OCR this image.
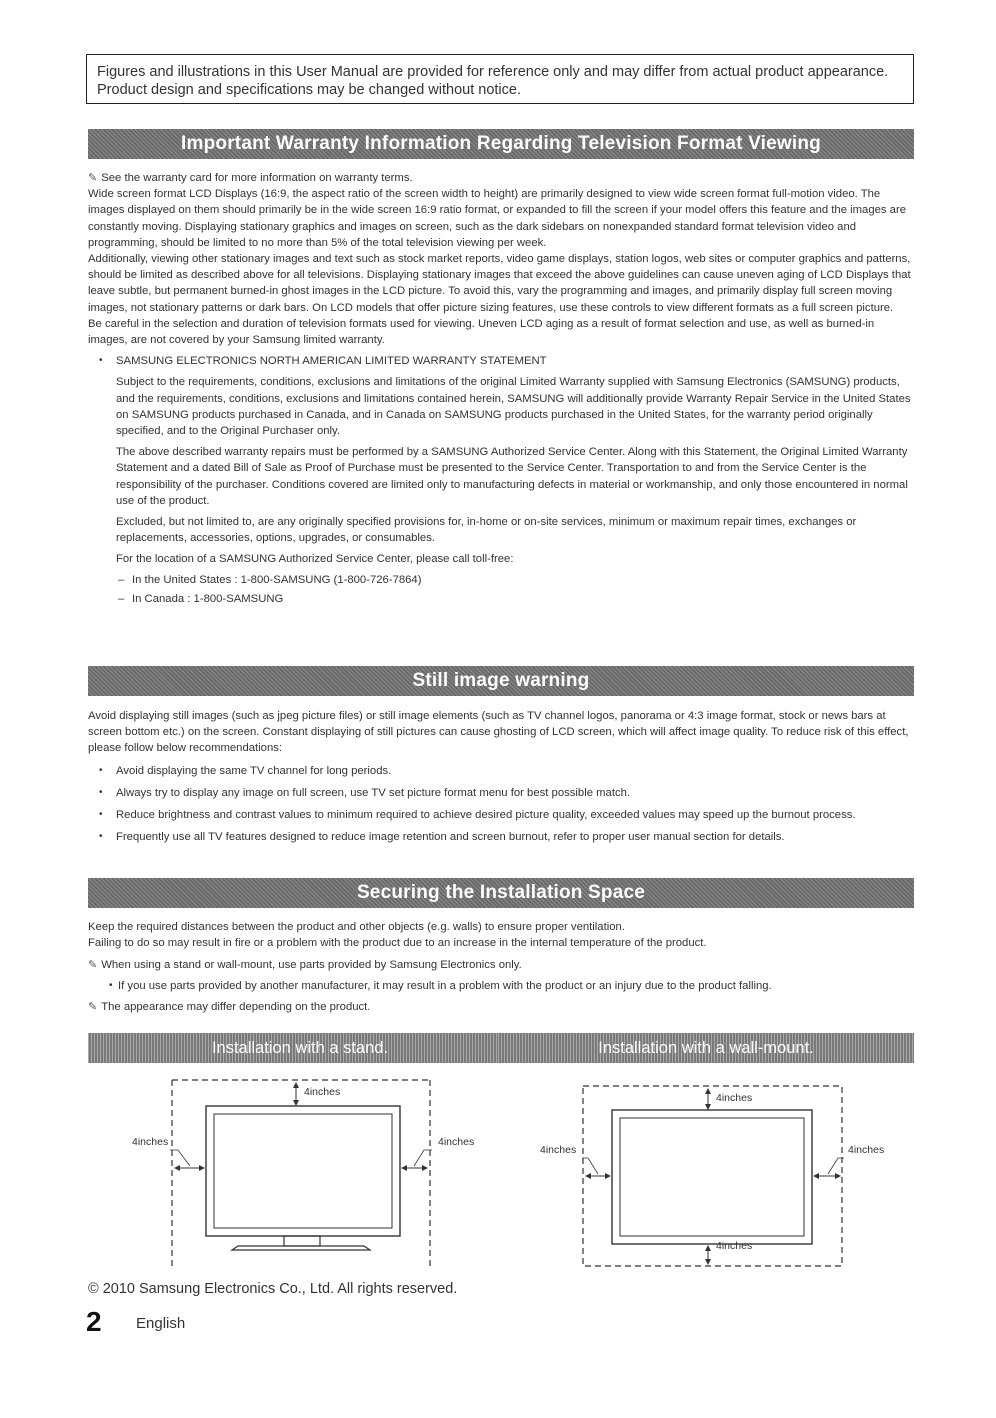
Figures and illustrations in this User Manual are provided for reference only and may differ from actual product appearance.
Product design and specifications may be changed without notice.
Important Warranty Information Regarding Television Format Viewing

✎ See the warranty card for more information on warranty terms.

Wide screen format LCD Displays (16:9, the aspect ratio of the screen width to height) are primarily designed to view wide screen format full-motion video. The images displayed on them should primarily be in the wide screen 16:9 ratio format, or expanded to fill the screen if your model offers this feature and the images are constantly moving. Displaying stationary graphics and images on screen, such as the dark sidebars on nonexpanded standard format television video and programming, should be limited to no more than 5% of the total television viewing per week.

Additionally, viewing other stationary images and text such as stock market reports, video game displays, station logos, web sites or computer graphics and patterns, should be limited as described above for all televisions. Displaying stationary images that exceed the above guidelines can cause uneven aging of LCD Displays that leave subtle, but permanent burned-in ghost images in the LCD picture. To avoid this, vary the programming and images, and primarily display full screen moving images, not stationary patterns or dark bars. On LCD models that offer picture sizing features, use these controls to view different formats as a full screen picture.

Be careful in the selection and duration of television formats used for viewing. Uneven LCD aging as a result of format selection and use, as well as burned-in images, are not covered by your Samsung limited warranty.

SAMSUNG ELECTRONICS NORTH AMERICAN LIMITED WARRANTY STATEMENT

Subject to the requirements, conditions, exclusions and limitations of the original Limited Warranty supplied with Samsung Electronics (SAMSUNG) products, and the requirements, conditions, exclusions and limitations contained herein, SAMSUNG will additionally provide Warranty Repair Service in the United States on SAMSUNG products purchased in Canada, and in Canada on SAMSUNG products purchased in the United States, for the warranty period originally specified, and to the Original Purchaser only.

The above described warranty repairs must be performed by a SAMSUNG Authorized Service Center. Along with this Statement, the Original Limited Warranty Statement and a dated Bill of Sale as Proof of Purchase must be presented to the Service Center. Transportation to and from the Service Center is the responsibility of the purchaser. Conditions covered are limited only to manufacturing defects in material or workmanship, and only those encountered in normal use of the product.

Excluded, but not limited to, are any originally specified provisions for, in-home or on-site services, minimum or maximum repair times, exchanges or replacements, accessories, options, upgrades, or consumables.

For the location of a SAMSUNG Authorized Service Center, please call toll-free:

In the United States : 1-800-SAMSUNG (1-800-726-7864)

In Canada : 1-800-SAMSUNG

Still image warning

Avoid displaying still images (such as jpeg picture files) or still image elements (such as TV channel logos, panorama or 4:3 image format, stock or news bars at screen bottom etc.) on the screen. Constant displaying of still pictures can cause ghosting of LCD screen, which will affect image quality. To reduce risk of this effect, please follow below recommendations:

Avoid displaying the same TV channel for long periods.

Always try to display any image on full screen, use TV set picture format menu for best possible match.

Reduce brightness and contrast values to minimum required to achieve desired picture quality, exceeded values may speed up the burnout process.

Frequently use all TV features designed to reduce image retention and screen burnout, refer to proper user manual section for details.

Securing the Installation Space

Keep the required distances between the product and other objects (e.g. walls) to ensure proper ventilation.

Failing to do so may result in fire or a problem with the product due to an increase in the internal temperature of the product.

✎ When using a stand or wall-mount, use parts provided by Samsung Electronics only.

• If you use parts provided by another manufacturer, it may result in a problem with the product or an injury due to the product falling.

✎ The appearance may differ depending on the product.

Installation with a stand.	Installation with a wall-mount.
4inches
4inches	4inches
4inches
4inches
4inches	4inches
© 2010 Samsung Electronics Co., Ltd. All rights reserved.
2 English
